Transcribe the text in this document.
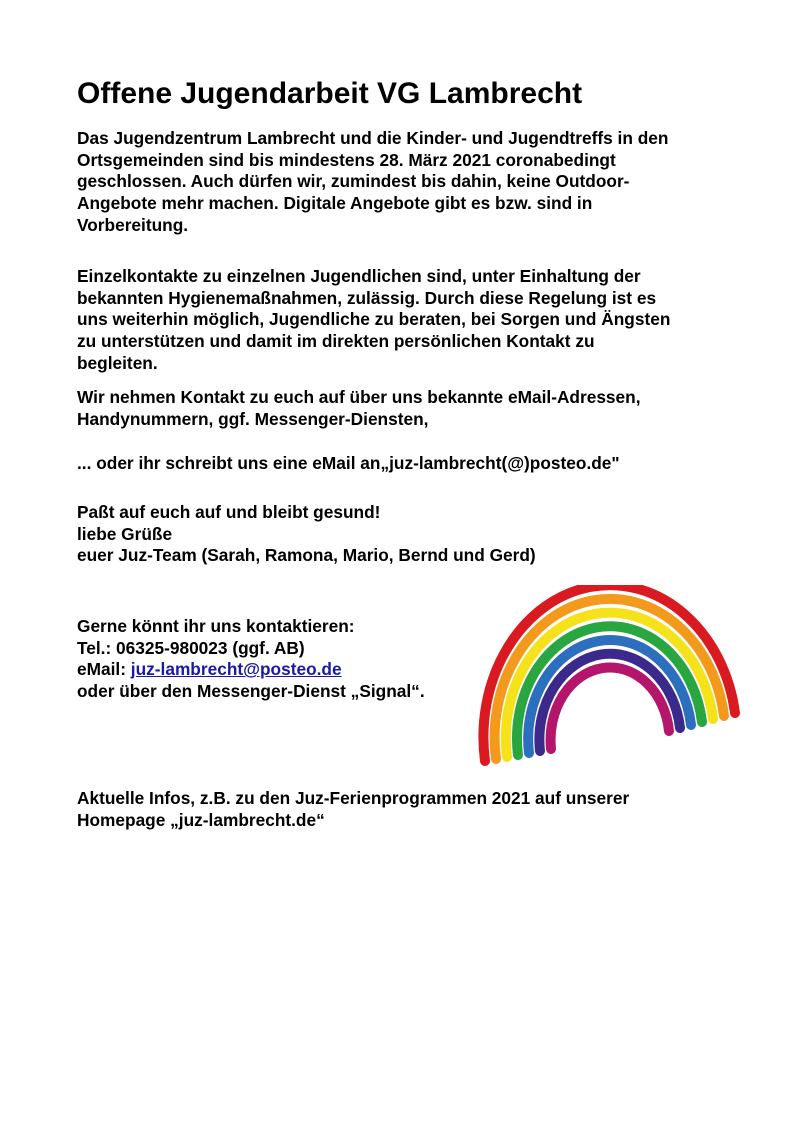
Offene Jugendarbeit VG Lambrecht

Das Jugendzentrum Lambrecht und die Kinder- und Jugendtreffs in den
Ortsgemeinden sind bis mindestens 28. März 2021 coronabedingt
geschlossen. Auch dürfen wir, zumindest bis dahin, keine Outdoor-
Angebote mehr machen. Digitale Angebote gibt es bzw. sind in
Vorbereitung.

Einzelkontakte zu einzelnen Jugendlichen sind, unter Einhaltung der
bekannten Hygienemaßnahmen, zulässig. Durch diese Regelung ist es
uns weiterhin möglich, Jugendliche zu beraten, bei Sorgen und Ängsten
zu unterstützen und damit im direkten persönlichen Kontakt zu
begleiten.

Wir nehmen Kontakt zu euch auf über uns bekannte eMail-Adressen,
Handynummern, ggf. Messenger-Diensten,

... oder ihr schreibt uns eine eMail an„juz-lambrecht(@)posteo.de"

Paßt auf euch auf und bleibt gesund!
liebe Grüße
euer Juz-Team (Sarah, Ramona, Mario, Bernd und Gerd)

Gerne könnt ihr uns kontaktieren:
Tel.: 06325-980023 (ggf. AB)
eMail: juz-lambrecht@posteo.de
oder über den Messenger-Dienst „Signal“.

Aktuelle Infos, z.B. zu den Juz-Ferienprogrammen 2021 auf unserer
Homepage „juz-lambrecht.de“
